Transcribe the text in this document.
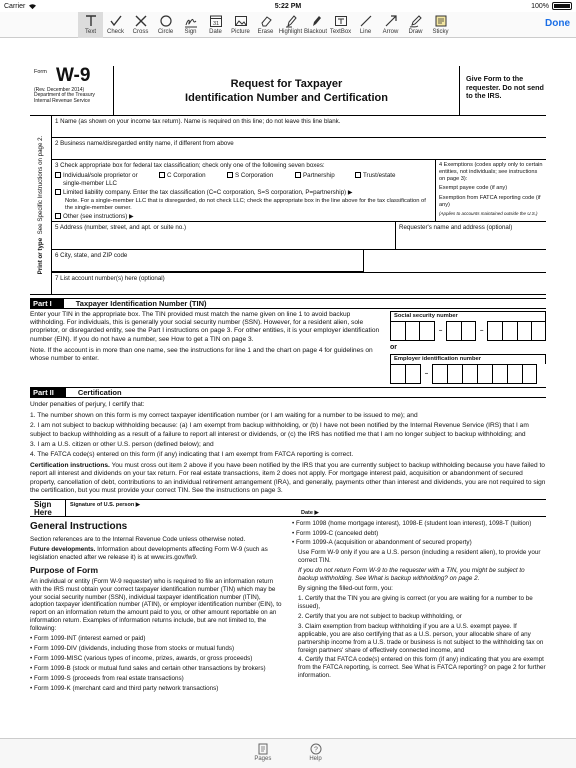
Carrier	5:22 PM	100%
Text Check Cross Circle Sign
31
Date Picture Erase Highlight Blackout TextBox Line Arrow Draw Sticky
Done
Form W-9
(Rev. December 2014)
Department of the Treasury
Internal Revenue Service
Request for Taxpayer
Identification Number and Certification
Give Form to the requester. Do not send to the IRS.
Print or type  See Specific Instructions on page 2.
1 Name (as shown on your income tax return). Name is required on this line; do not leave this line blank.
2 Business name/disregarded entity name, if different from above
3 Check appropriate box for federal tax classification; check only one of the following seven boxes:
Individual/sole proprietor or single-member LLC
C Corporation	S Corporation	Partnership	Trust/estate
Limited liability company. Enter the tax classification (C=C corporation, S=S corporation, P=partnership) ▶
Note. For a single-member LLC that is disregarded, do not check LLC; check the appropriate box in the line above for the tax classification of the single-member owner.
Other (see instructions) ▶
4 Exemptions (codes apply only to certain entities, not individuals; see instructions on page 3):
Exempt payee code (if any)
Exemption from FATCA reporting code (if any)
(Applies to accounts maintained outside the U.S.)
5 Address (number, street, and apt. or suite no.)	Requester's name and address (optional)
6 City, state, and ZIP code
7 List account number(s) here (optional)
Part I	Taxpayer Identification Number (TIN)

Enter your TIN in the appropriate box. The TIN provided must match the name given on line 1 to avoid backup withholding. For individuals, this is generally your social security number (SSN). However, for a resident alien, sole proprietor, or disregarded entity, see the Part I instructions on page 3. For other entities, it is your employer identification number (EIN). If you do not have a number, see How to get a TIN on page 3.

Note. If the account is in more than one name, see the instructions for line 1 and the chart on page 4 for guidelines on whose number to enter.

Social security number
–	–
or
Employer identification number
–
Part II	Certification

Under penalties of perjury, I certify that:

1. The number shown on this form is my correct taxpayer identification number (or I am waiting for a number to be issued to me); and

2. I am not subject to backup withholding because: (a) I am exempt from backup withholding, or (b) I have not been notified by the Internal Revenue Service (IRS) that I am subject to backup withholding as a result of a failure to report all interest or dividends, or (c) the IRS has notified me that I am no longer subject to backup withholding; and

3. I am a U.S. citizen or other U.S. person (defined below); and

4. The FATCA code(s) entered on this form (if any) indicating that I am exempt from FATCA reporting is correct.

Certification instructions. You must cross out item 2 above if you have been notified by the IRS that you are currently subject to backup withholding because you have failed to report all interest and dividends on your tax return. For real estate transactions, item 2 does not apply. For mortgage interest paid, acquisition or abandonment of secured property, cancellation of debt, contributions to an individual retirement arrangement (IRA), and generally, payments other than interest and dividends, you are not required to sign the certification, but you must provide your correct TIN. See the instructions on page 3.

Sign Here
Signature of U.S. person ▶
Date ▶
General Instructions

Section references are to the Internal Revenue Code unless otherwise noted.

Future developments. Information about developments affecting Form W-9 (such as legislation enacted after we release it) is at www.irs.gov/fw9.

Purpose of Form

An individual or entity (Form W-9 requester) who is required to file an information return with the IRS must obtain your correct taxpayer identification number (TIN) which may be your social security number (SSN), individual taxpayer identification number (ITIN), adoption taxpayer identification number (ATIN), or employer identification number (EIN), to report on an information return the amount paid to you, or other amount reportable on an information return. Examples of information returns include, but are not limited to, the following:

• Form 1099-INT (interest earned or paid)

• Form 1099-DIV (dividends, including those from stocks or mutual funds)

• Form 1099-MISC (various types of income, prizes, awards, or gross proceeds)

• Form 1099-B (stock or mutual fund sales and certain other transactions by brokers)

• Form 1099-S (proceeds from real estate transactions)

• Form 1099-K (merchant card and third party network transactions)

• Form 1098 (home mortgage interest), 1098-E (student loan interest), 1098-T (tuition)

• Form 1099-C (canceled debt)

• Form 1099-A (acquisition or abandonment of secured property)

Use Form W-9 only if you are a U.S. person (including a resident alien), to provide your correct TIN.

If you do not return Form W-9 to the requester with a TIN, you might be subject to backup withholding. See What is backup withholding? on page 2.

By signing the filled-out form, you:

1. Certify that the TIN you are giving is correct (or you are waiting for a number to be issued),

2. Certify that you are not subject to backup withholding, or

3. Claim exemption from backup withholding if you are a U.S. exempt payee. If applicable, you are also certifying that as a U.S. person, your allocable share of any partnership income from a U.S. trade or business is not subject to the withholding tax on foreign partners' share of effectively connected income, and

4. Certify that FATCA code(s) entered on this form (if any) indicating that you are exempt from the FATCA reporting, is correct. See What is FATCA reporting? on page 2 for further information.

Pages
?
Help
